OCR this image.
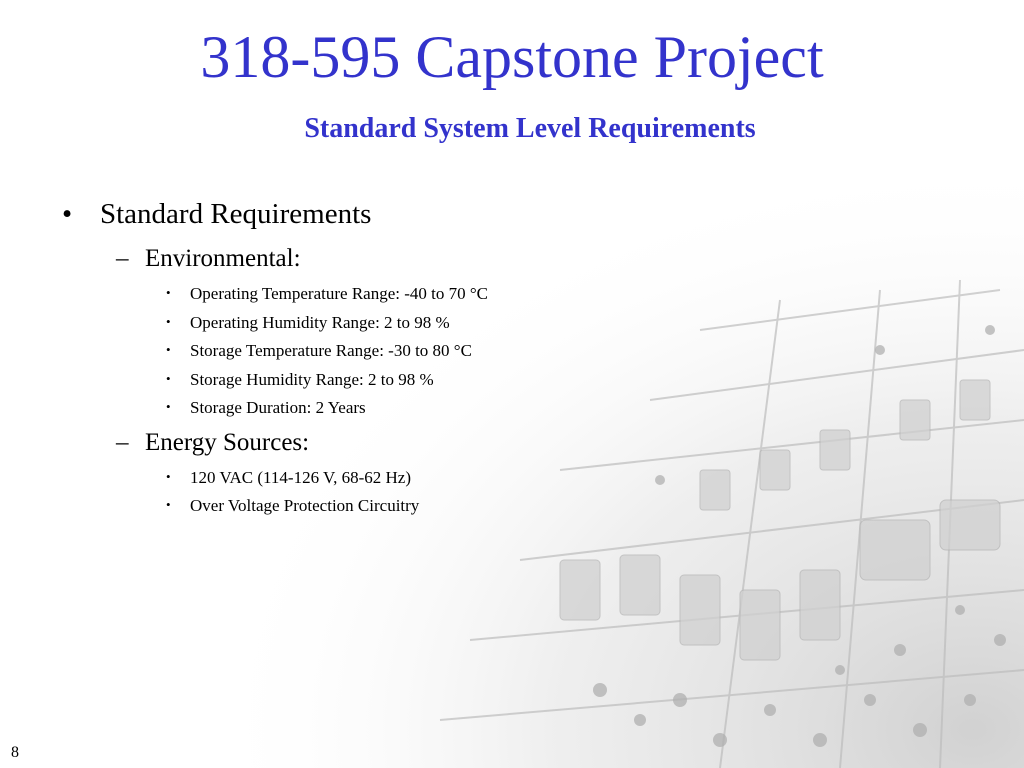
318-595 Capstone Project
Standard System Level Requirements
• Standard Requirements
– Environmental:
• Operating Temperature Range: -40 to 70 °C
• Operating Humidity Range: 2 to 98 %
• Storage Temperature Range: -30 to 80 °C
• Storage Humidity Range: 2 to 98 %
• Storage Duration: 2 Years
– Energy Sources:
• 120 VAC (114-126 V, 68-62 Hz)
• Over Voltage Protection Circuitry
8
